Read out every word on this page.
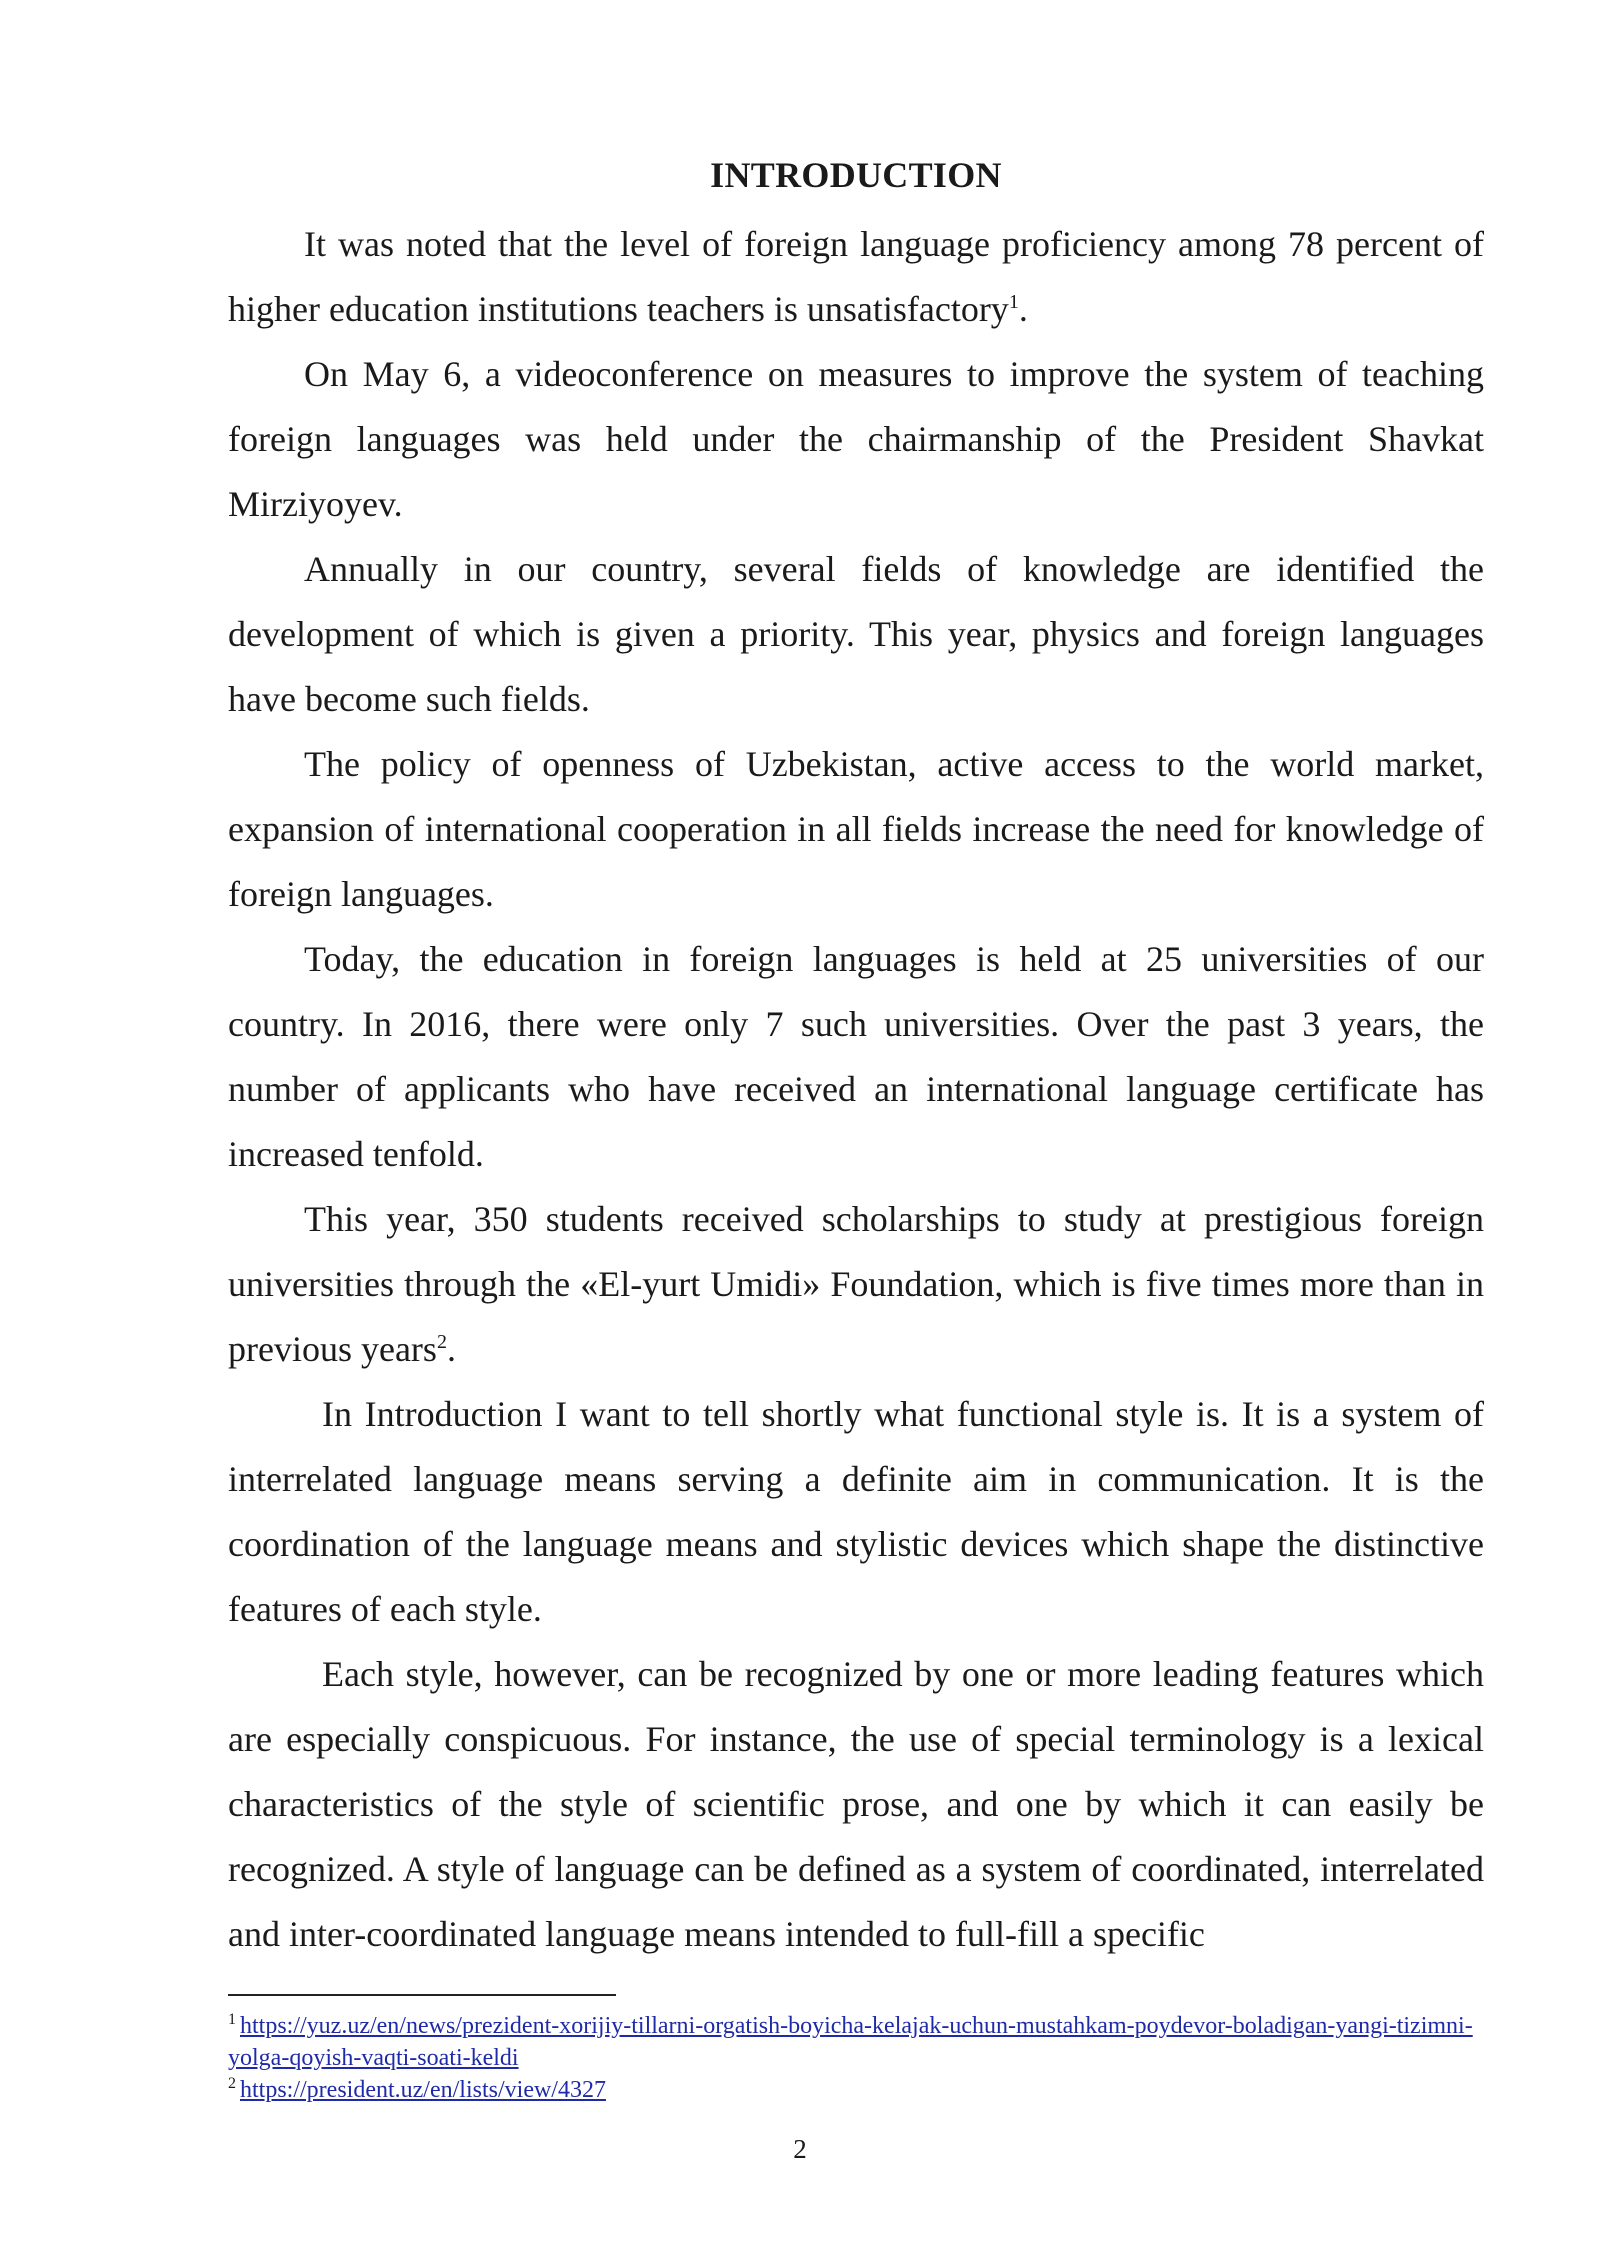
INTRODUCTION

It was noted that the level of foreign language proficiency among 78 percent of higher education institutions teachers is unsatisfactory$^1$.

On May 6, a videoconference on measures to improve the system of teaching foreign languages was held under the chairmanship of the President Shavkat Mirziyoyev.

Annually in our country, several fields of knowledge are identified the development of which is given a priority. This year, physics and foreign languages have become such fields.

The policy of openness of Uzbekistan, active access to the world market, expansion of international cooperation in all fields increase the need for knowledge of foreign languages.

Today, the education in foreign languages is held at 25 universities of our country. In 2016, there were only 7 such universities. Over the past 3 years, the number of applicants who have received an international language certificate has increased tenfold.

This year, 350 students received scholarships to study at prestigious foreign universities through the «El-yurt Umidi» Foundation, which is five times more than in previous years$^2$.

In Introduction I want to tell shortly what functional style is. It is a system of interrelated language means serving a definite aim in communication. It is the coordination of the language means and stylistic devices which shape the distinctive features of each style.

Each style, however, can be recognized by one or more leading features which are especially conspicuous. For instance, the use of special terminology is a lexical characteristics of the style of scientific prose, and one by which it can easily be recognized. A style of language can be defined as a system of coordinated, interrelated and inter-coordinated language means intended to full-fill a specific

$^1$ https://yuz.uz/en/news/prezident-xorijiy-tillarni-orgatish-boyicha-kelajak-uchun-mustahkam-poydevor-boladigan-yangi-tizimni-yolga-qoyish-vaqti-soati-keldi

$^2$ https://president.uz/en/lists/view/4327

2
